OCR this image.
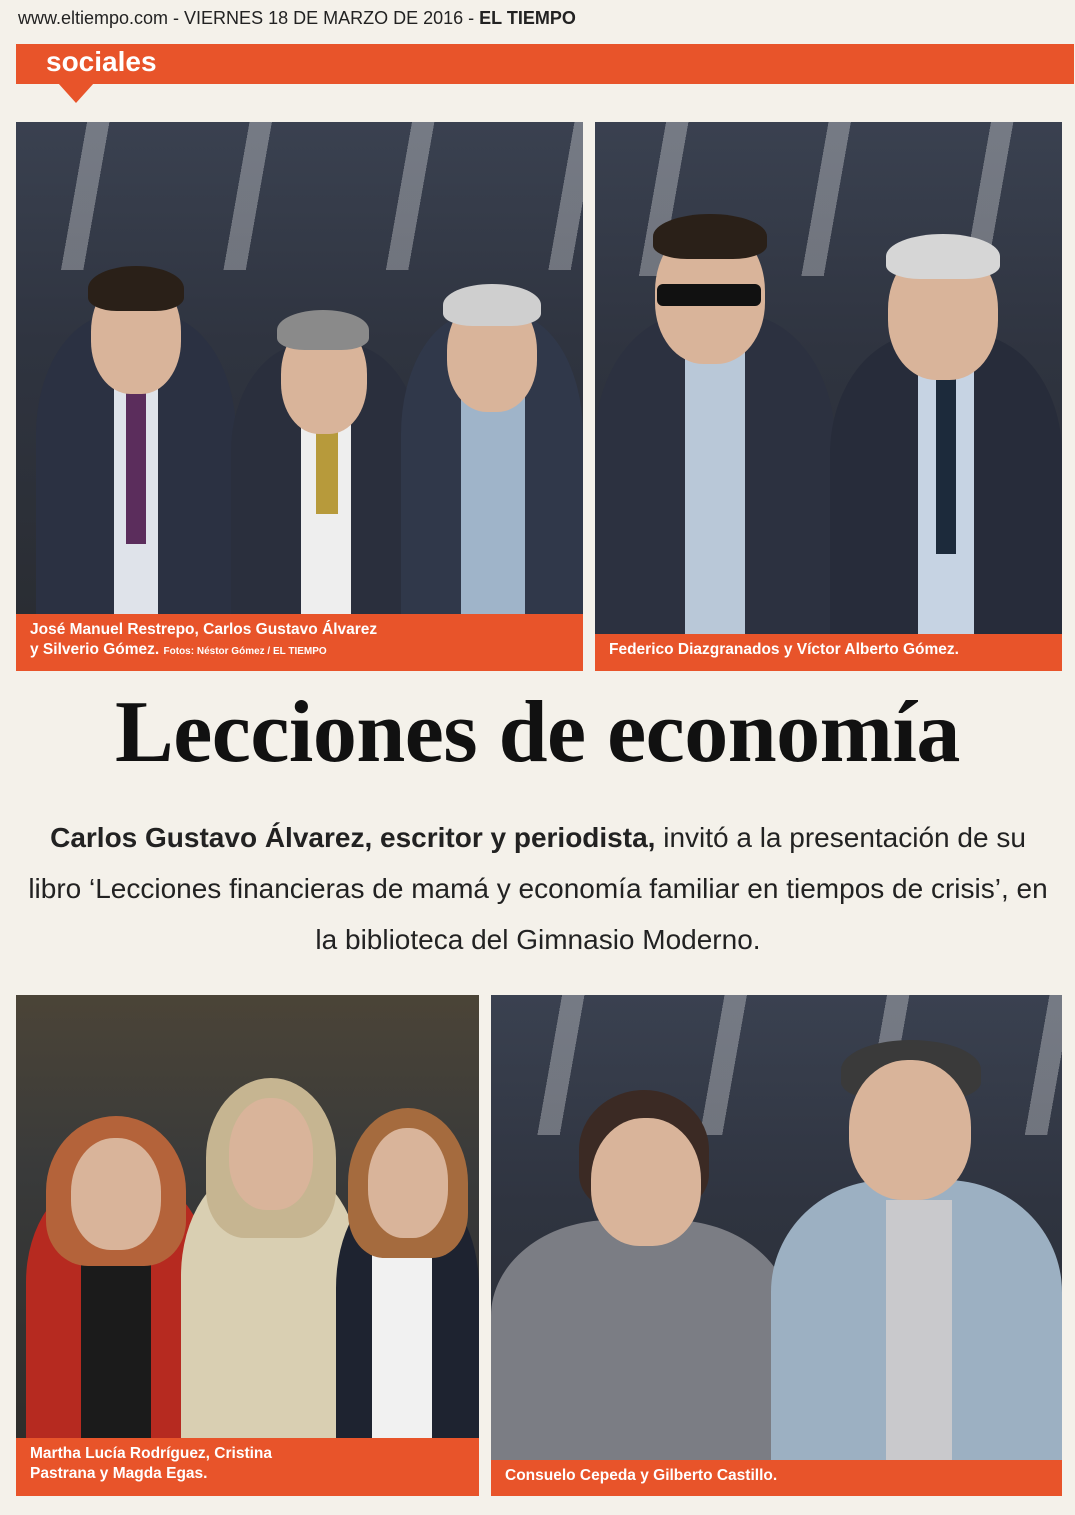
www.eltiempo.com - VIERNES 18 DE MARZO DE 2016 - EL TIEMPO
sociales
José Manuel Restrepo, Carlos Gustavo Álvarez
y Silverio Gómez. Fotos: Néstor Gómez / EL TIEMPO	Federico Diazgranados y Víctor Alberto Gómez.
Lecciones de economía
Carlos Gustavo Álvarez, escritor y periodista, invitó a la presentación de su libro ‘Lecciones financieras de mamá y economía familiar en tiempos de crisis’, en la biblioteca del Gimnasio Moderno.
Martha Lucía Rodríguez, Cristina
Pastrana y Magda Egas.	Consuelo Cepeda y Gilberto Castillo.
